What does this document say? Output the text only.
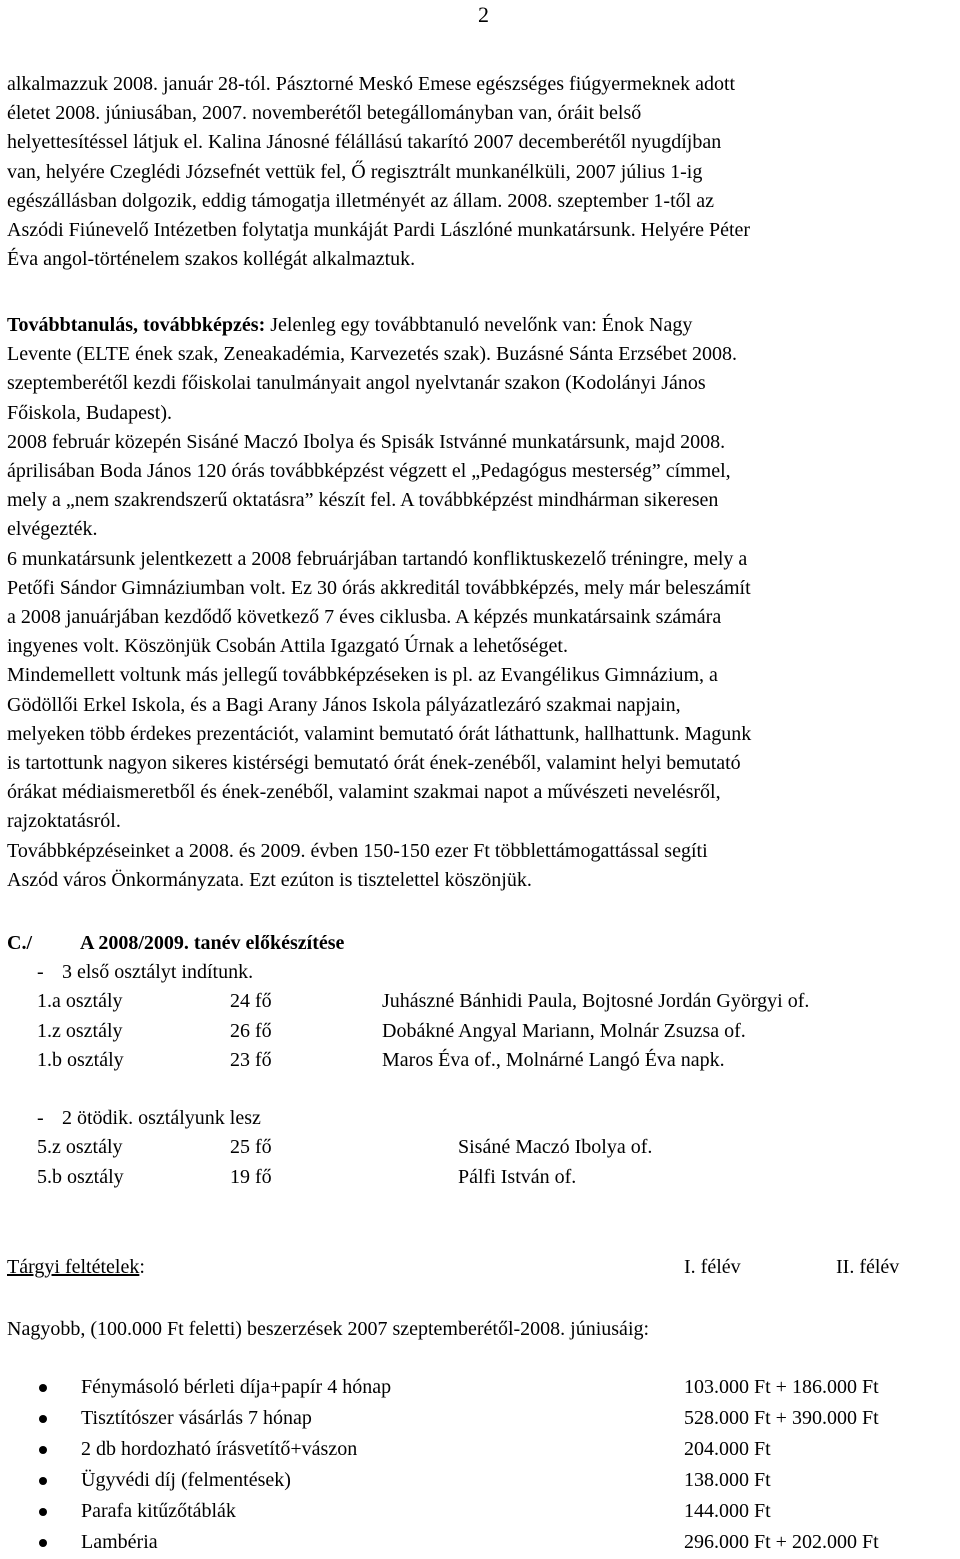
2

alkalmazzuk 2008. január 28-tól. Pásztorné Meskó Emese egészséges fiúgyermeknek adott

életet 2008. júniusában, 2007. novemberétől betegállományban van, óráit belső

helyettesítéssel látjuk el. Kalina Jánosné félállású takarító 2007 decemberétől nyugdíjban

van, helyére Czeglédi Józsefnét vettük fel, Ő regisztrált munkanélküli, 2007 július 1-ig

egészállásban dolgozik, eddig támogatja illetményét az állam. 2008. szeptember 1-től az

Aszódi Fiúnevelő Intézetben folytatja munkáját Pardi Lászlóné munkatársunk. Helyére Péter

Éva angol-történelem szakos kollégát alkalmaztuk.

Továbbtanulás, továbbképzés: Jelenleg egy továbbtanuló nevelőnk van: Énok Nagy

Levente (ELTE ének szak, Zeneakadémia, Karvezetés szak). Buzásné Sánta Erzsébet 2008.

szeptemberétől kezdi főiskolai tanulmányait angol nyelvtanár szakon (Kodolányi János

Főiskola, Budapest).

2008 február közepén Sisáné Maczó Ibolya és Spisák Istvánné munkatársunk, majd 2008.

áprilisában Boda János 120 órás továbbképzést végzett el „Pedagógus mesterség” címmel,

mely a „nem szakrendszerű oktatásra” készít fel. A továbbképzést mindhárman sikeresen

elvégezték.

6 munkatársunk jelentkezett a 2008 februárjában tartandó konfliktuskezelő tréningre, mely a

Petőfi Sándor Gimnáziumban volt. Ez 30 órás akkreditál továbbképzés, mely már beleszámít

a 2008 januárjában kezdődő következő 7 éves ciklusba. A képzés munkatársaink számára

ingyenes volt. Köszönjük Csobán Attila Igazgató Úrnak a lehetőséget.

Mindemellett voltunk más jellegű továbbképzéseken is pl. az Evangélikus Gimnázium, a

Gödöllői Erkel Iskola, és a Bagi Arany János Iskola pályázatlezáró szakmai napjain,

melyeken több érdekes prezentációt, valamint bemutató órát láthattunk, hallhattunk. Magunk

is tartottunk nagyon sikeres kistérségi bemutató órát ének-zenéből, valamint helyi bemutató

órákat médiaismeretből és ének-zenéből, valamint szakmai napot a művészeti nevelésről,

rajzoktatásról.

Továbbképzéseinket a 2008. és 2009. évben 150-150 ezer Ft többlettámogattással segíti

Aszód város Önkormányzata. Ezt ezúton is tisztelettel köszönjük.

C./ A 2008/2009. tanév előkészítése

- 3 első osztályt indítunk.

1.a osztály	24 fő	Juhászné Bánhidi Paula, Bojtosné Jordán Györgyi of.
1.z osztály	26 fő	Dobákné Angyal Mariann, Molnár Zsuzsa of.
1.b osztály	23 fő	Maros Éva of., Molnárné Langó Éva napk.

- 2 ötödik. osztályunk lesz

5.z osztály	25 fő	Sisáné Maczó Ibolya of.
5.b osztály	19 fő	Pálfi István of.
Tárgyi feltételek:	I. félév	II. félév

Nagyobb, (100.000 Ft feletti) beszerzések 2007 szeptemberétől-2008. júniusáig:

Fénymásoló bérleti díja+papír 4 hónap	103.000 Ft + 186.000 Ft
Tisztítószer vásárlás 7 hónap	528.000 Ft + 390.000 Ft
2 db hordozható írásvetítő+vászon	204.000 Ft
Ügyvédi díj (felmentések)	138.000 Ft
Parafa kitűzőtáblák	144.000 Ft
Lambéria	296.000 Ft + 202.000 Ft
